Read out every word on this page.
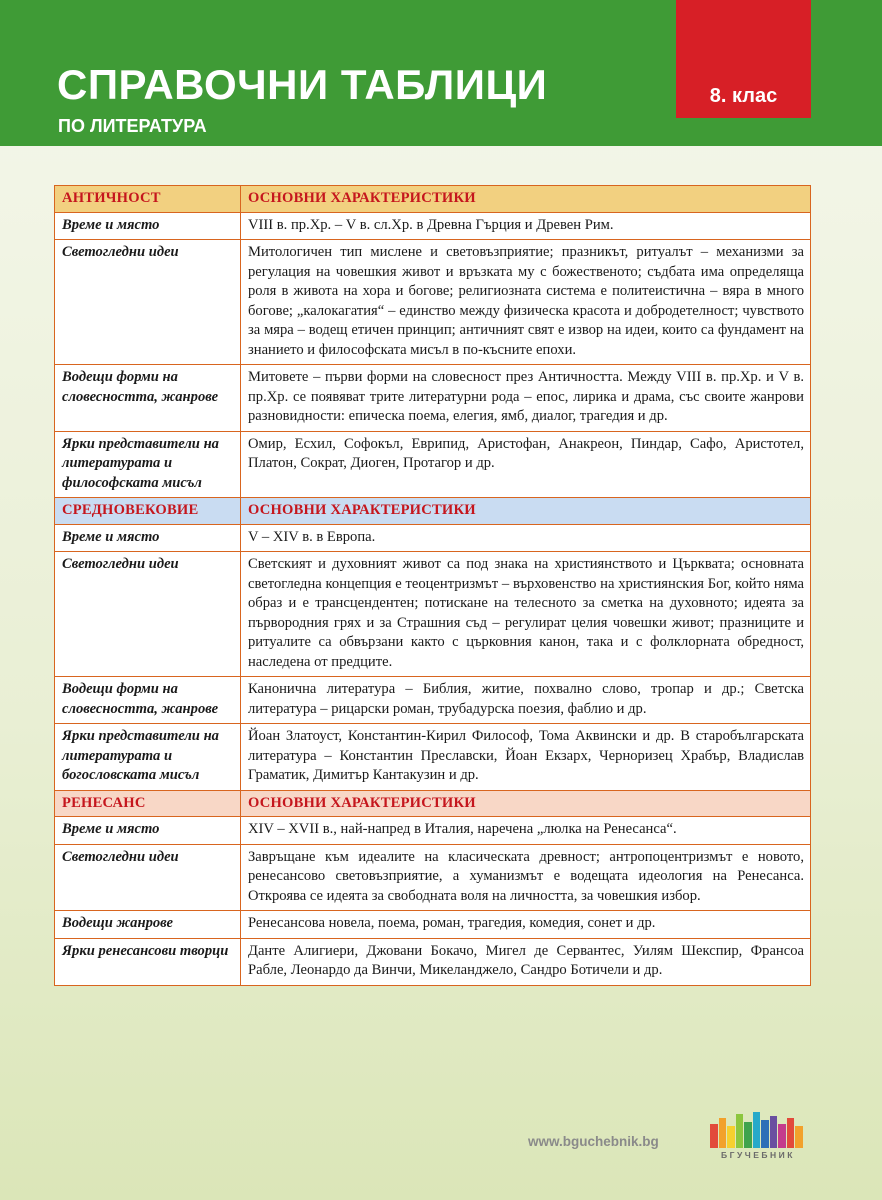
СПРАВОЧНИ ТАБЛИЦИ
ПО ЛИТЕРАТУРА
8. клас
АНТИЧНОСТ	ОСНОВНИ ХАРАКТЕРИСТИКИ
Време и място	VIII в. пр.Хр. – V в. сл.Хр. в Древна Гърция и Древен Рим.
Светогледни идеи	Митологичен тип мислене и световъзприятие; празникът, ритуалът – механизми за регулация на човешкия живот и връзката му с божественото; съдбата има определяща роля в живота на хора и богове; религиозната система е политеистична – вяра в много богове; „калокагатия“ – единство между физическа красота и добродетелност; чувството за мяра – водещ етичен принцип; античният свят е извор на идеи, които са фундамент на знанието и философската мисъл в по-късните епохи.
Водещи форми на словесността, жанрове	Митовете – първи форми на словесност през Античността. Между VIII в. пр.Хр. и V в. пр.Хр. се появяват трите литературни рода – епос, лирика и драма, със своите жанрови разновидности: епическа поема, елегия, ямб, диалог, трагедия и др.
Ярки представители на литературата и философската мисъл	Омир, Есхил, Софокъл, Еврипид, Аристофан, Анакреон, Пиндар, Сафо, Аристотел, Платон, Сократ, Диоген, Протагор и др.
СРЕДНОВЕКОВИЕ	ОСНОВНИ ХАРАКТЕРИСТИКИ
Време и място	V – XIV в. в Европа.
Светогледни идеи	Светският и духовният живот са под знака на християнството и Църквата; основната светогледна концепция е теоцентризмът – върховенство на християнския Бог, който няма образ и е трансцендентен; потискане на телесното за сметка на духовното; идеята за първородния грях и за Страшния съд – регулират целия човешки живот; празниците и ритуалите са обвързани както с църковния канон, така и с фолклорната обредност, наследена от предците.
Водещи форми на словесността, жанрове	Канонична литература – Библия, житие, похвално слово, тропар и др.; Светска литература – рицарски роман, трубадурска поезия, фаблио и др.
Ярки представители на литературата и богословската мисъл	Йоан Златоуст, Константин-Кирил Философ, Тома Аквински и др. В старобългарската литература – Константин Преславски, Йоан Екзарх, Черноризец Храбър, Владислав Граматик, Димитър Кантакузин и др.
РЕНЕСАНС	ОСНОВНИ ХАРАКТЕРИСТИКИ
Време и място	XIV – XVII в., най-напред в Италия, наречена „люлка на Ренесанса“.
Светогледни идеи	Завръщане към идеалите на класическата древност; антропоцентризмът е новото, ренесансово световъзприятие, а хуманизмът е водещата идеология на Ренесанса. Откроява се идеята за свободната воля на личността, за човешкия избор.
Водещи жанрове	Ренесансова новела, поема, роман, трагедия, комедия, сонет и др.
Ярки ренесансови творци	Данте Алигиери, Джовани Бокачо, Мигел де Сервантес, Уилям Шекспир, Франсоа Рабле, Леонардо да Винчи, Микеланджело, Сандро Ботичели и др.
www.bguchebnik.bg
БГУЧЕБНИК
